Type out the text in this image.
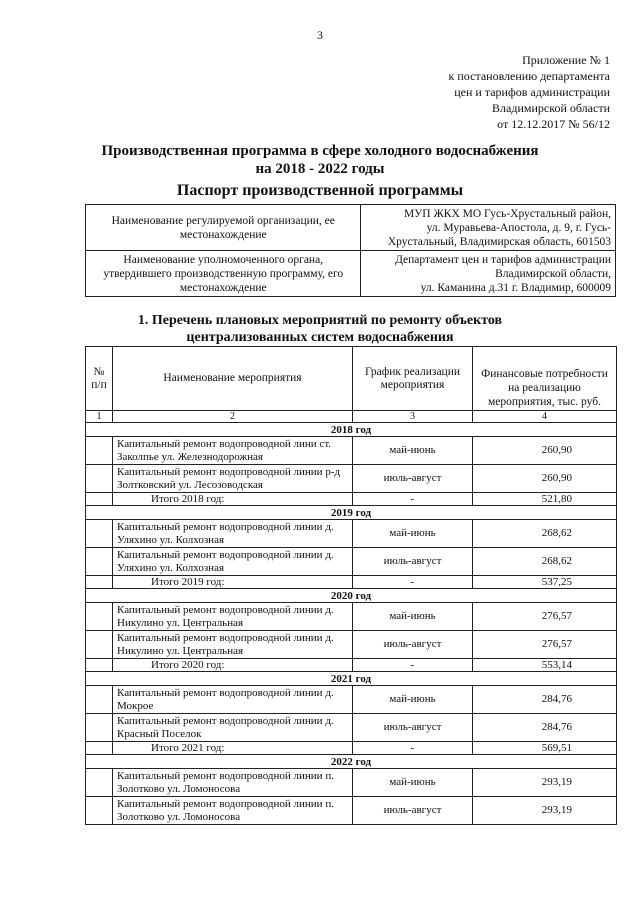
3
Приложение № 1
к постановлению департамента
цен и тарифов администрации
Владимирской области
от 12.12.2017 № 56/12
Производственная программа в сфере холодного водоснабжения
на 2018 - 2022 годы
Паспорт производственной программы
Наименование регулируемой организации, ее местонахождение	МУП ЖКХ МО Гусь-Хрустальный район,
ул. Муравьева-Апостола, д. 9, г. Гусь-
Хрустальный, Владимирская область, 601503

Наименование уполномоченного органа, утвердившего производственную программу, его местонахождение	Департамент цен и тарифов администрации
Владимирской области,
ул. Каманина д.31 г. Владимир, 600009
1. Перечень плановых мероприятий по ремонту объектов
централизованных систем водоснабжения
№ п/п	Наименование мероприятия	График реализации мероприятия	Финансовые потребности на реализацию мероприятия, тыс. руб.
1	2	3	4
2018 год			
	Капитальный ремонт водопроводной лини ст. Заколпье ул. Железнодорожная	май-июнь	260,90
	Капитальный ремонт водопроводной линии р-д Золтковский ул. Лесозоводская	июль-август	260,90
	Итого 2018 год:	-	521,80
2019 год			
	Капитальный ремонт водопроводной линии д. Уляхино ул. Колхозная	май-июнь	268,62
	Капитальный ремонт водопроводной линии д. Уляхино ул. Колхозная	июль-август	268,62
	Итого 2019 год:	-	537,25
2020 год			
	Капитальный ремонт водопроводной линии д. Никулино ул. Центральная	май-июнь	276,57
	Капитальный ремонт водопроводной линии д. Никулино ул. Центральная	июль-август	276,57
	Итого 2020 год:	-	553,14
2021 год			
	Капитальный ремонт водопроводной линии д. Мокрое	май-июнь	284,76
	Капитальный ремонт водопроводной линии д. Красный Поселок	июль-август	284,76
	Итого 2021 год:	-	569,51
2022 год			
	Капитальный ремонт водопроводной линии п. Золотково ул. Ломоносова	май-июнь	293,19
	Капитальный ремонт водопроводной линии п. Золотково ул. Ломоносова	июль-август	293,19
